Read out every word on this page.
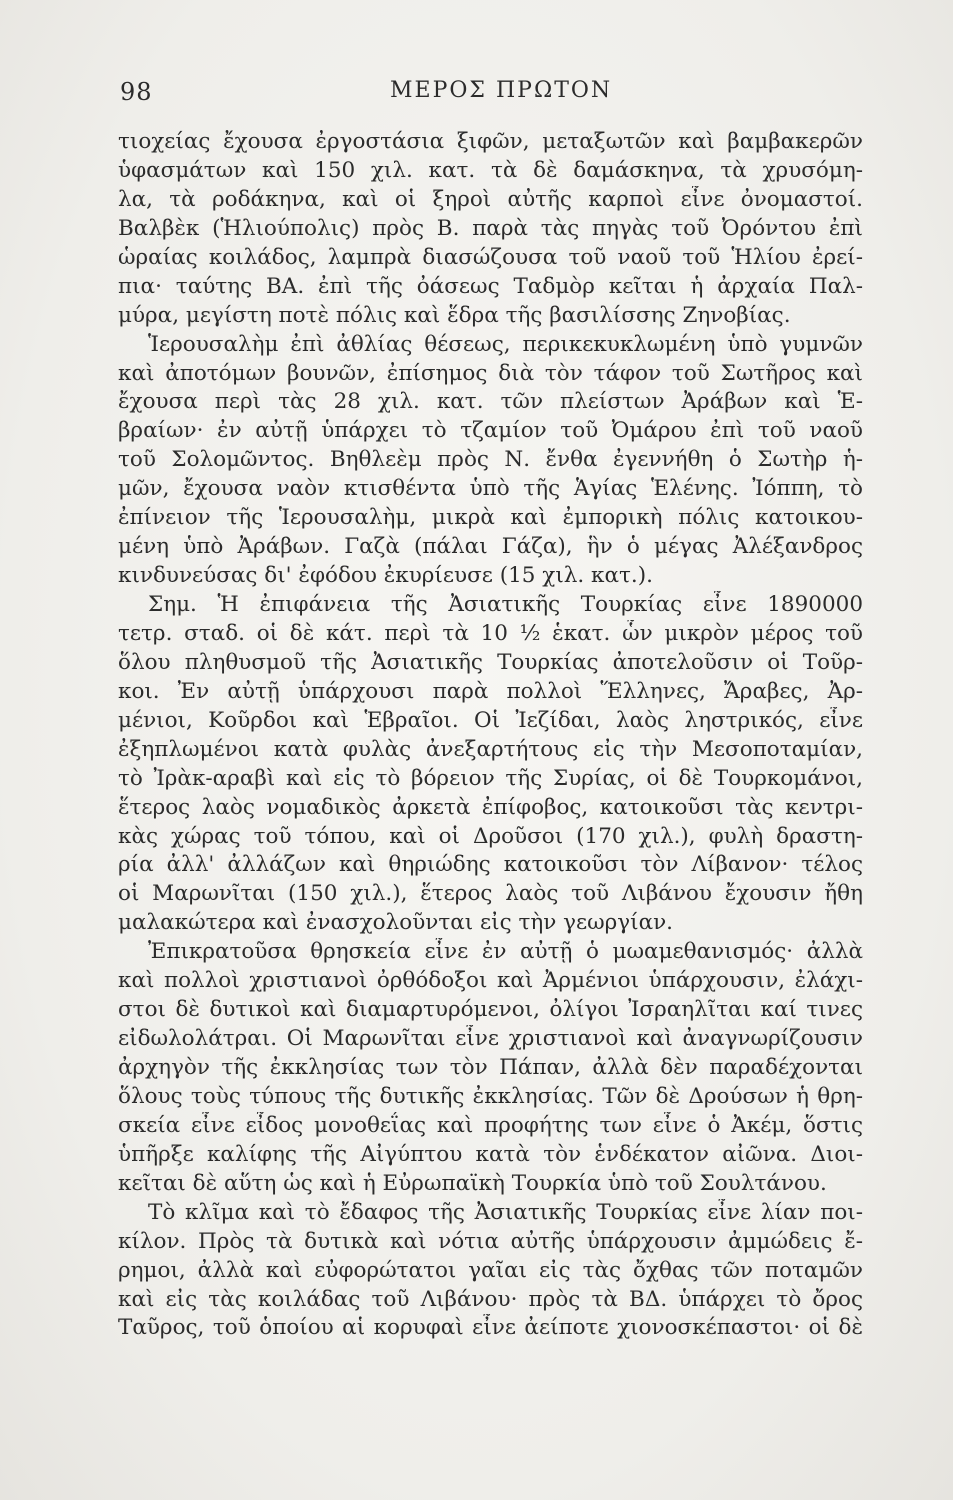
98	ΜΕΡΟΣ ΠΡΩΤΟΝ
τιοχείας ἔχουσα ἐργοστάσια ξιφῶν, μεταξωτῶν καὶ βαμβακερῶν
ὑφασμάτων καὶ 150 χιλ. κατ. τὰ δὲ δαμάσκηνα, τὰ χρυσόμη-
λα, τὰ ροδάκηνα, καὶ οἱ ξηροὶ αὐτῆς καρποὶ εἶνε ὀνομαστοί.
Βαλβὲκ (Ἡλιούπολις) πρὸς Β. παρὰ τὰς πηγὰς τοῦ Ὀρόντου ἐπὶ
ὡραίας κοιλάδος, λαμπρὰ διασώζουσα τοῦ ναοῦ τοῦ Ἡλίου ἐρεί-
πια· ταύτης ΒΑ. ἐπὶ τῆς ὀάσεως Ταδμὸρ κεῖται ἡ ἀρχαία Παλ-
μύρα, μεγίστη ποτὲ πόλις καὶ ἕδρα τῆς βασιλίσσης Ζηνοβίας.
Ἱερουσαλὴμ ἐπὶ ἀθλίας θέσεως, περικεκυκλωμένη ὑπὸ γυμνῶν
καὶ ἀποτόμων βουνῶν, ἐπίσημος διὰ τὸν τάφον τοῦ Σωτῆρος καὶ
ἔχουσα περὶ τὰς 28 χιλ. κατ. τῶν πλείστων Ἀράβων καὶ Ἑ-
βραίων· ἐν αὐτῇ ὑπάρχει τὸ τζαμίον τοῦ Ὀμάρου ἐπὶ τοῦ ναοῦ
τοῦ Σολομῶντος. Βηθλεὲμ πρὸς Ν. ἔνθα ἐγεννήθη ὁ Σωτὴρ ἡ-
μῶν, ἔχουσα ναὸν κτισθέντα ὑπὸ τῆς Ἁγίας Ἑλένης. Ἰόππη, τὸ
ἐπίνειον τῆς Ἱερουσαλὴμ, μικρὰ καὶ ἐμπορικὴ πόλις κατοικου-
μένη ὑπὸ Ἀράβων. Γαζὰ (πάλαι Γάζα), ἣν ὁ μέγας Ἀλέξανδρος
κινδυνεύσας δι' ἐφόδου ἐκυρίευσε (15 χιλ. κατ.).
Σημ. Ἡ ἐπιφάνεια τῆς Ἀσιατικῆς Τουρκίας εἶνε 1890000
τετρ. σταδ. οἱ δὲ κάτ. περὶ τὰ 10 ½ ἑκατ. ὧν μικρὸν μέρος τοῦ
ὅλου πληθυσμοῦ τῆς Ἀσιατικῆς Τουρκίας ἀποτελοῦσιν οἱ Τοῦρ-
κοι. Ἐν αὐτῇ ὑπάρχουσι παρὰ πολλοὶ Ἕλληνες, Ἄραβες, Ἀρ-
μένιοι, Κοῦρδοι καὶ Ἑβραῖοι. Οἱ Ἰεζίδαι, λαὸς ληστρικός, εἶνε
ἐξηπλωμένοι κατὰ φυλὰς ἀνεξαρτήτους εἰς τὴν Μεσοποταμίαν,
τὸ Ἰρὰκ-αραβὶ καὶ εἰς τὸ βόρειον τῆς Συρίας, οἱ δὲ Τουρκομάνοι,
ἕτερος λαὸς νομαδικὸς ἀρκετὰ ἐπίφοβος, κατοικοῦσι τὰς κεντρι-
κὰς χώρας τοῦ τόπου, καὶ οἱ Δροῦσοι (170 χιλ.), φυλὴ δραστη-
ρία ἀλλ' ἀλλάζων καὶ θηριώδης κατοικοῦσι τὸν Λίβανον· τέλος
οἱ Μαρωνῖται (150 χιλ.), ἕτερος λαὸς τοῦ Λιβάνου ἔχουσιν ἤθη
μαλακώτερα καὶ ἐνασχολοῦνται εἰς τὴν γεωργίαν.
Ἐπικρατοῦσα θρησκεία εἶνε ἐν αὐτῇ ὁ μωαμεθανισμός· ἀλλὰ
καὶ πολλοὶ χριστιανοὶ ὀρθόδοξοι καὶ Ἀρμένιοι ὑπάρχουσιν, ἐλάχι-
στοι δὲ δυτικοὶ καὶ διαμαρτυρόμενοι, ὀλίγοι Ἰσραηλῖται καί τινες
εἰδωλολάτραι. Οἱ Μαρωνῖται εἶνε χριστιανοὶ καὶ ἀναγνωρίζουσιν
ἀρχηγὸν τῆς ἐκκλησίας των τὸν Πάπαν, ἀλλὰ δὲν παραδέχονται
ὅλους τοὺς τύπους τῆς δυτικῆς ἐκκλησίας. Τῶν δὲ Δρούσων ἡ θρη-
σκεία εἶνε εἶδος μονοθεΐας καὶ προφήτης των εἶνε ὁ Ἀκέμ, ὅστις
ὑπῆρξε καλίφης τῆς Αἰγύπτου κατὰ τὸν ἑνδέκατον αἰῶνα. Διοι-
κεῖται δὲ αὕτη ὡς καὶ ἡ Εὐρωπαϊκὴ Τουρκία ὑπὸ τοῦ Σουλτάνου.
Τὸ κλῖμα καὶ τὸ ἔδαφος τῆς Ἀσιατικῆς Τουρκίας εἶνε λίαν ποι-
κίλον. Πρὸς τὰ δυτικὰ καὶ νότια αὐτῆς ὑπάρχουσιν ἀμμώδεις ἔ-
ρημοι, ἀλλὰ καὶ εὐφορώτατοι γαῖαι εἰς τὰς ὄχθας τῶν ποταμῶν
καὶ εἰς τὰς κοιλάδας τοῦ Λιβάνου· πρὸς τὰ ΒΔ. ὑπάρχει τὸ ὄρος
Ταῦρος, τοῦ ὁποίου αἱ κορυφαὶ εἶνε ἀείποτε χιονοσκέπαστοι· οἱ δὲ
